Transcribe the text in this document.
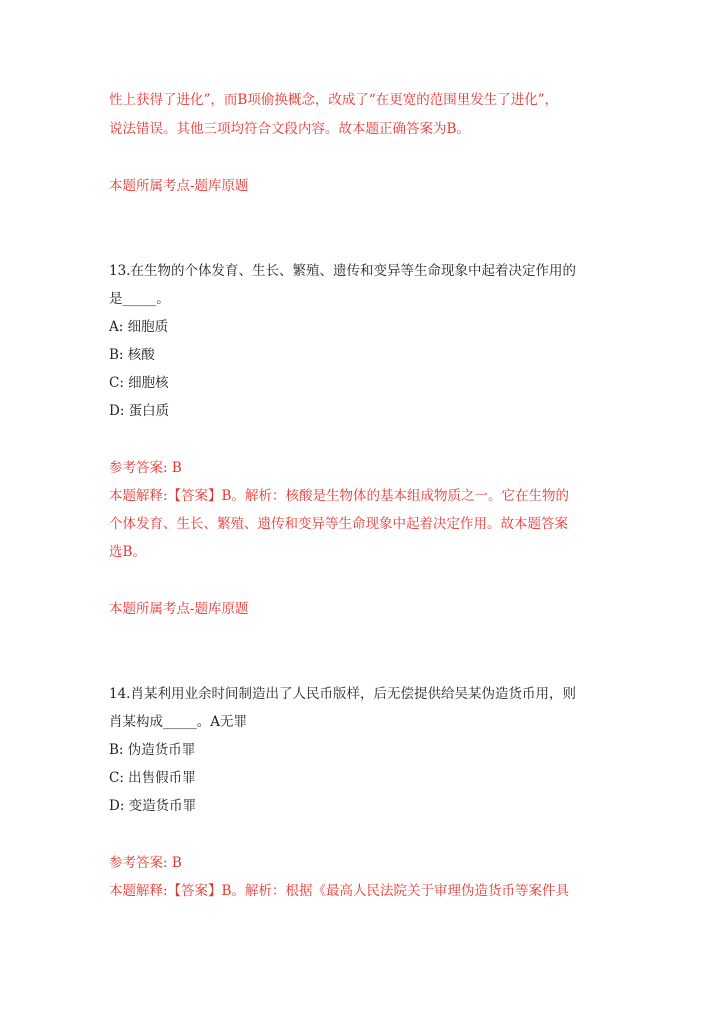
性上获得了进化”，而B项偷换概念，改成了“在更宽的范围里发生了进化”，
说法错误。其他三项均符合文段内容。故本题正确答案为B。
本题所属考点-题库原题
13.在生物的个体发育、生长、繁殖、遗传和变异等生命现象中起着决定作用的
是_____。
A: 细胞质
B: 核酸
C: 细胞核
D: 蛋白质
参考答案: B
本题解释:【答案】B。解析：核酸是生物体的基本组成物质之一。它在生物的
个体发育、生长、繁殖、遗传和变异等生命现象中起着决定作用。故本题答案
选B。
本题所属考点-题库原题
14.肖某利用业余时间制造出了人民币版样，后无偿提供给吴某伪造货币用，则
肖某构成_____。A无罪
B: 伪造货币罪
C: 出售假币罪
D: 变造货币罪
参考答案: B
本题解释:【答案】B。解析：根据《最高人民法院关于审理伪造货币等案件具
